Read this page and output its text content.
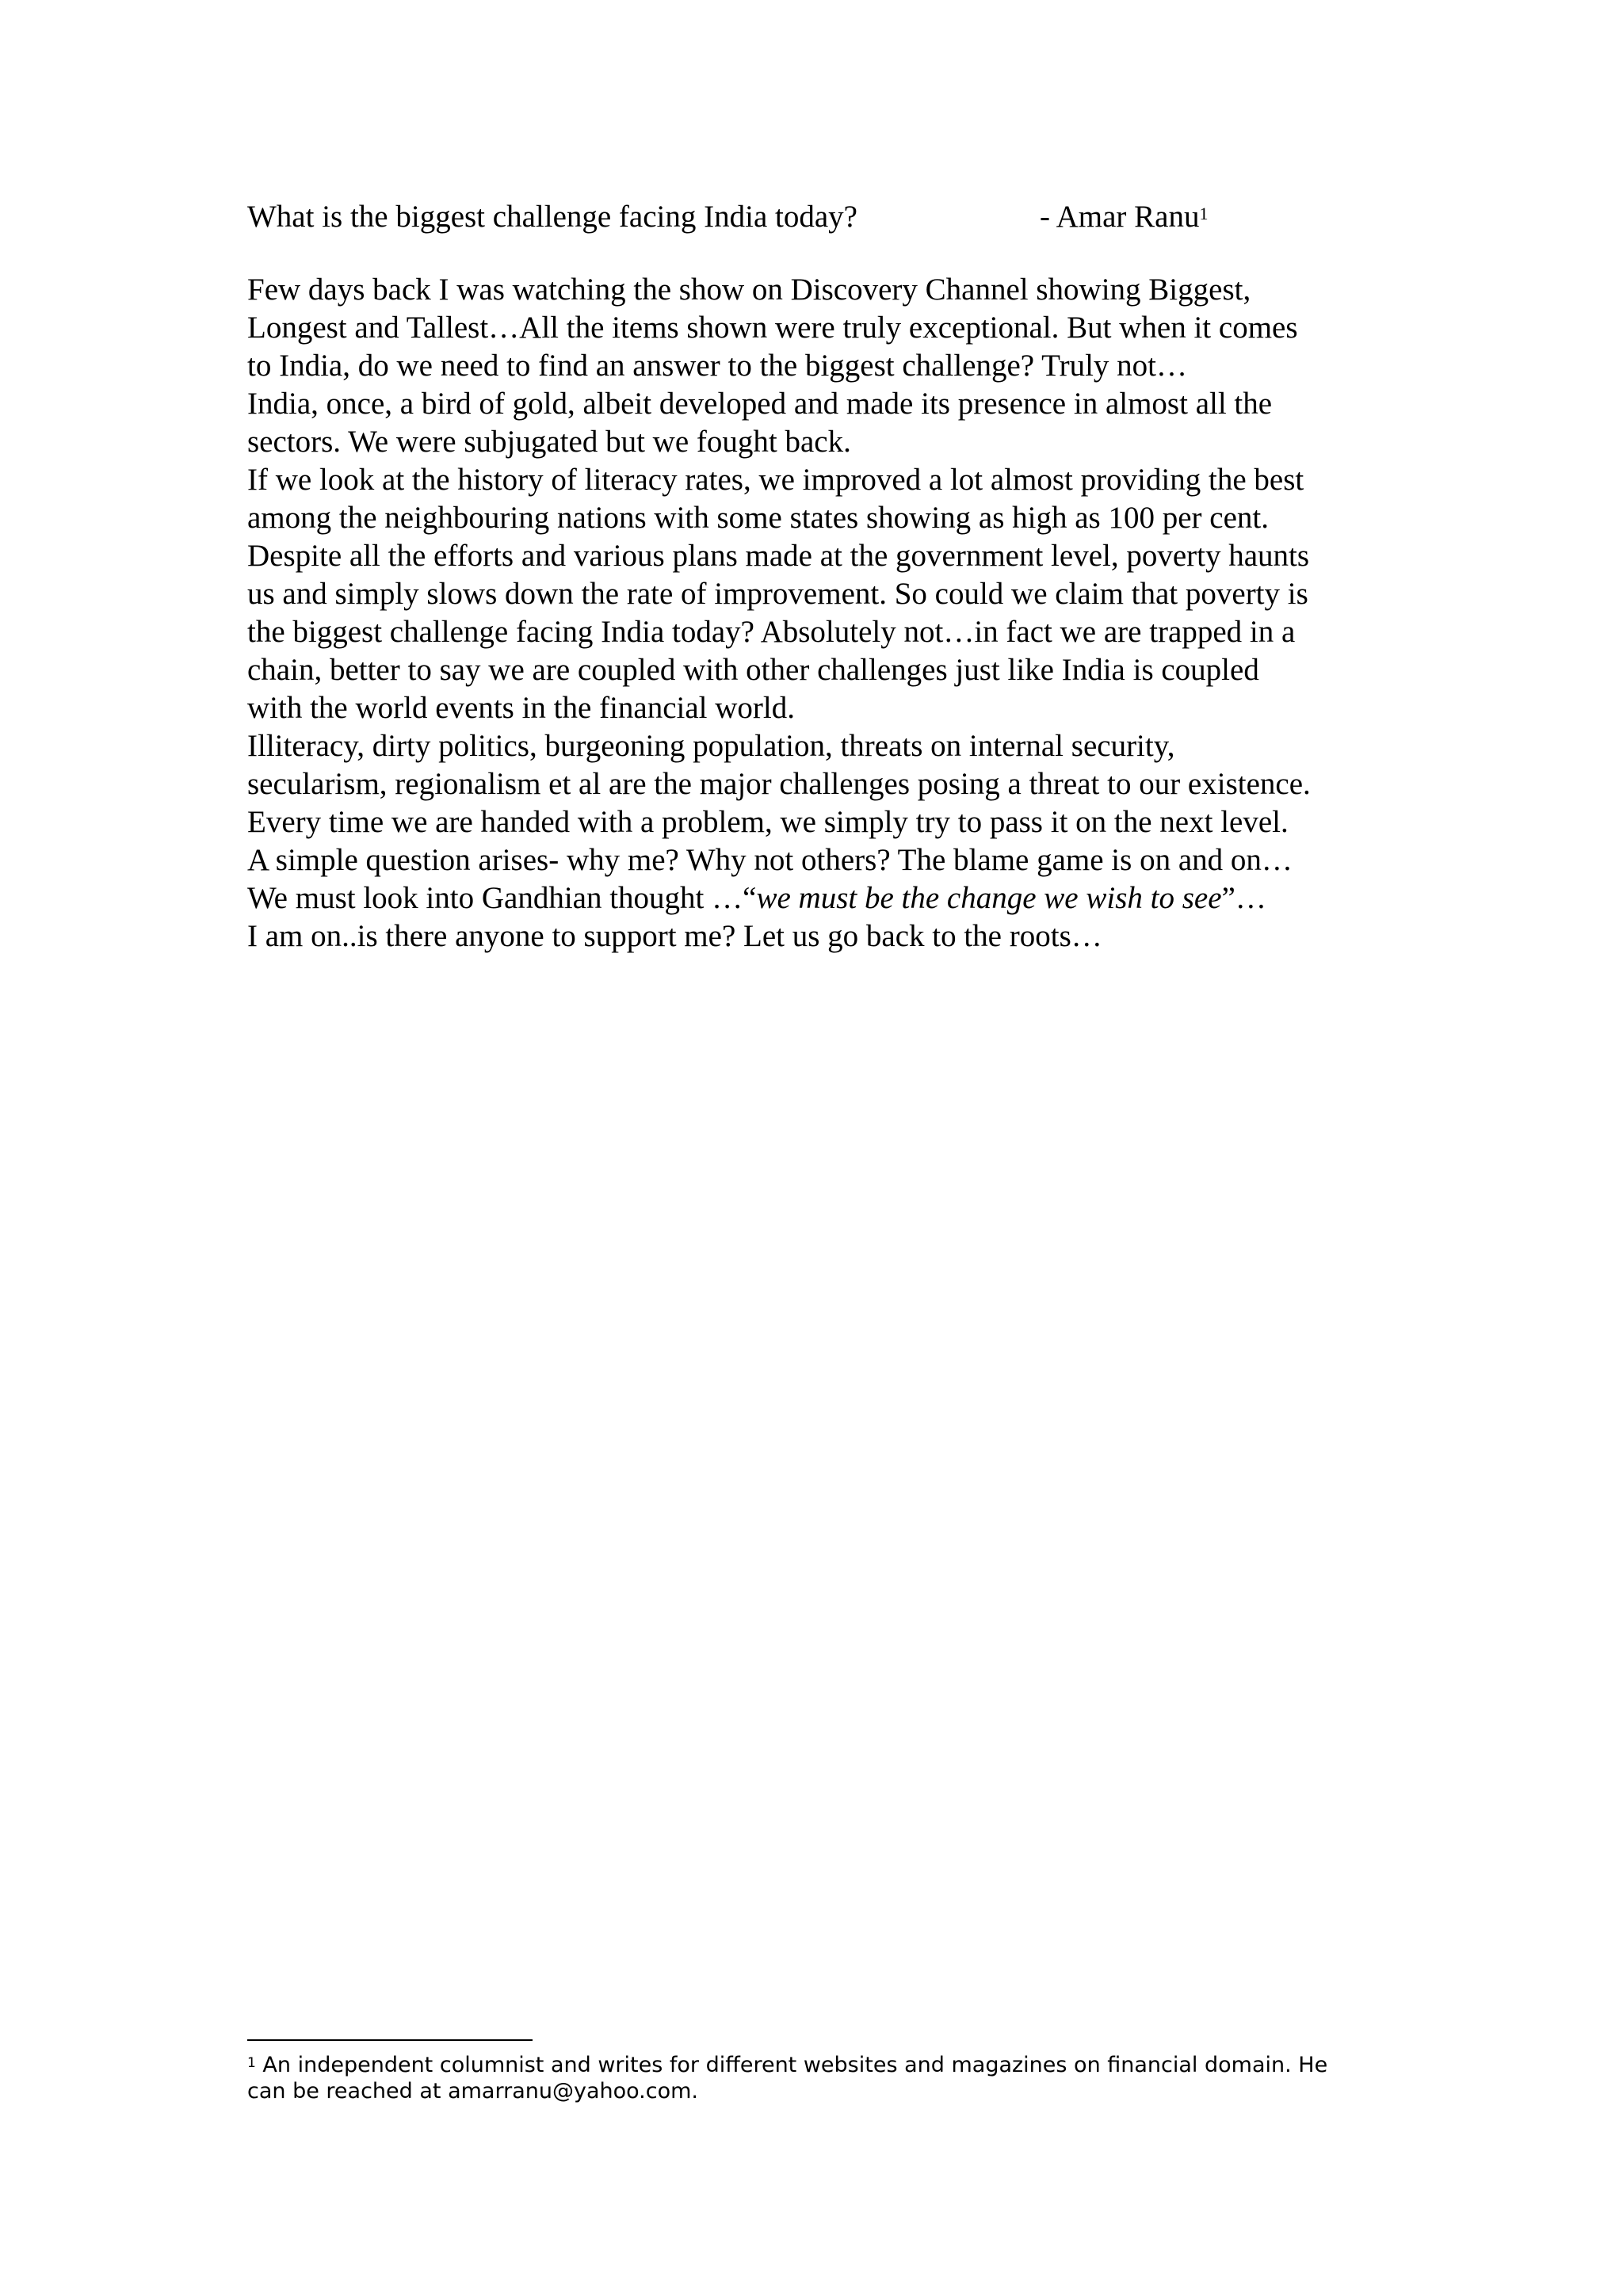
What is the biggest challenge facing India today?	- Amar Ranu$^1$
Few days back I was watching the show on Discovery Channel showing Biggest,
Longest and Tallest…All the items shown were truly exceptional. But when it comes
to India, do we need to find an answer to the biggest challenge? Truly not…
India, once, a bird of gold, albeit developed and made its presence in almost all the
sectors. We were subjugated but we fought back.
If we look at the history of literacy rates, we improved a lot almost providing the best
among the neighbouring nations with some states showing as high as 100 per cent.
Despite all the efforts and various plans made at the government level, poverty haunts
us and simply slows down the rate of improvement. So could we claim that poverty is
the biggest challenge facing India today? Absolutely not…in fact we are trapped in a
chain, better to say we are coupled with other challenges just like India is coupled
with the world events in the financial world.
Illiteracy, dirty politics, burgeoning population, threats on internal security,
secularism, regionalism et al are the major challenges posing a threat to our existence.
Every time we are handed with a problem, we simply try to pass it on the next level.
A simple question arises- why me? Why not others? The blame game is on and on…
We must look into Gandhian thought …“we must be the change we wish to see”…
I am on..is there anyone to support me? Let us go back to the roots…
$^1$ An independent columnist and writes for different websites and magazines on financial domain. He
can be reached at amarranu@yahoo.com.
